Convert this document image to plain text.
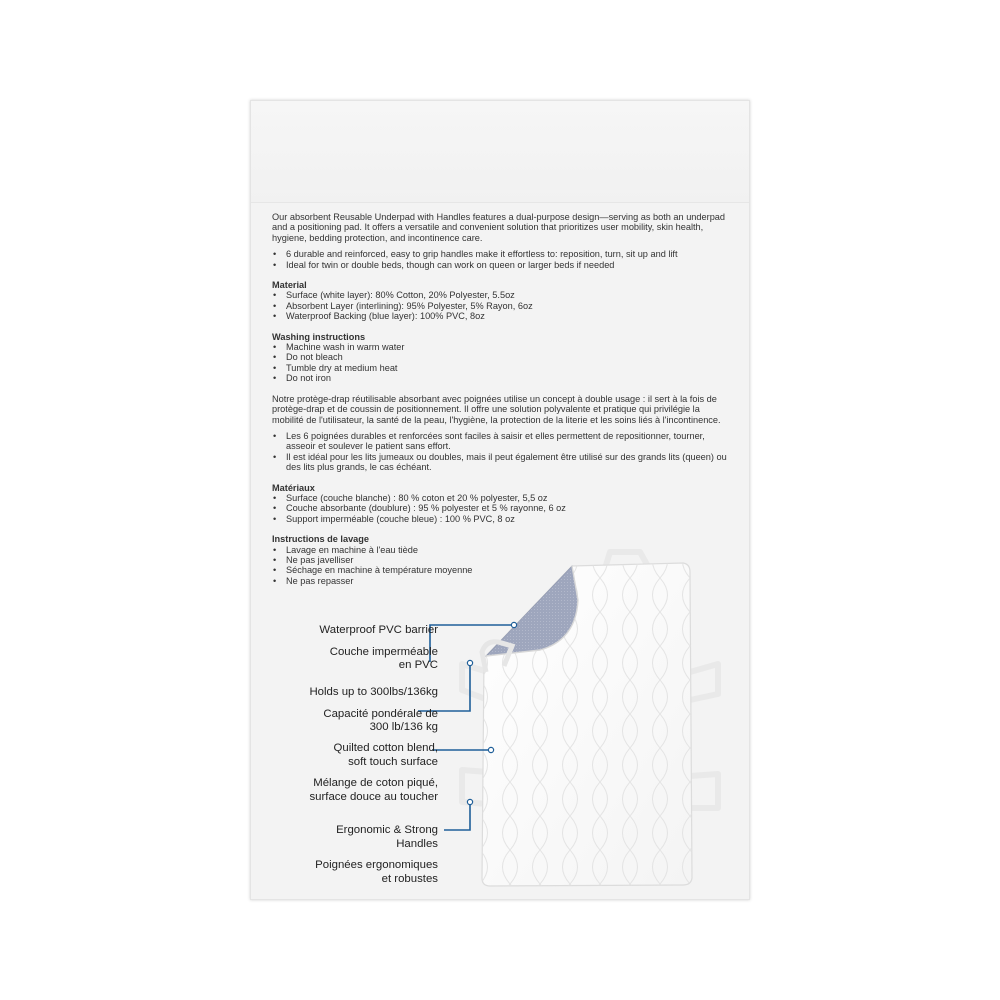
Our absorbent Reusable Underpad with Handles features a dual-purpose design—serving as both an underpad and a positioning pad. It offers a versatile and convenient solution that prioritizes user mobility, skin health, hygiene, bedding protection, and incontinence care.

• 6 durable and reinforced, easy to grip handles make it effortless to: reposition, turn, sit up and lift
• Ideal for twin or double beds, though can work on queen or larger beds if needed
Material
• Surface (white layer): 80% Cotton, 20% Polyester, 5.5oz
• Absorbent Layer (interlining): 95% Polyester, 5% Rayon, 6oz
• Waterproof Backing (blue layer): 100% PVC, 8oz
Washing instructions
• Machine wash in warm water
• Do not bleach
• Tumble dry at medium heat
• Do not iron

Notre protège-drap réutilisable absorbant avec poignées utilise un concept à double usage : il sert à la fois de protège-drap et de coussin de positionnement. Il offre une solution polyvalente et pratique qui privilégie la mobilité de l'utilisateur, la santé de la peau, l'hygiène, la protection de la literie et les soins liés à l'incontinence.

• Les 6 poignées durables et renforcées sont faciles à saisir et elles permettent de repositionner, tourner, asseoir et soulever le patient sans effort.
• Il est idéal pour les lits jumeaux ou doubles, mais il peut également être utilisé sur des grands lits (queen) ou des lits plus grands, le cas échéant.
Matériaux
• Surface (couche blanche) : 80 % coton et 20 % polyester, 5,5 oz
• Couche absorbante (doublure) : 95 % polyester et 5 % rayonne, 6 oz
• Support imperméable (couche bleue) : 100 % PVC, 8 oz
Instructions de lavage
• Lavage en machine à l'eau tiède
• Ne pas javelliser
• Séchage en machine à température moyenne
• Ne pas repasser
Waterproof PVC barrier
Couche imperméable
en PVC
Holds up to 300lbs/136kg
Capacité pondérale de
300 lb/136 kg
Quilted cotton blend,
soft touch surface
Mélange de coton piqué,
surface douce au toucher
Ergonomic & Strong
Handles
Poignées ergonomiques
et robustes
